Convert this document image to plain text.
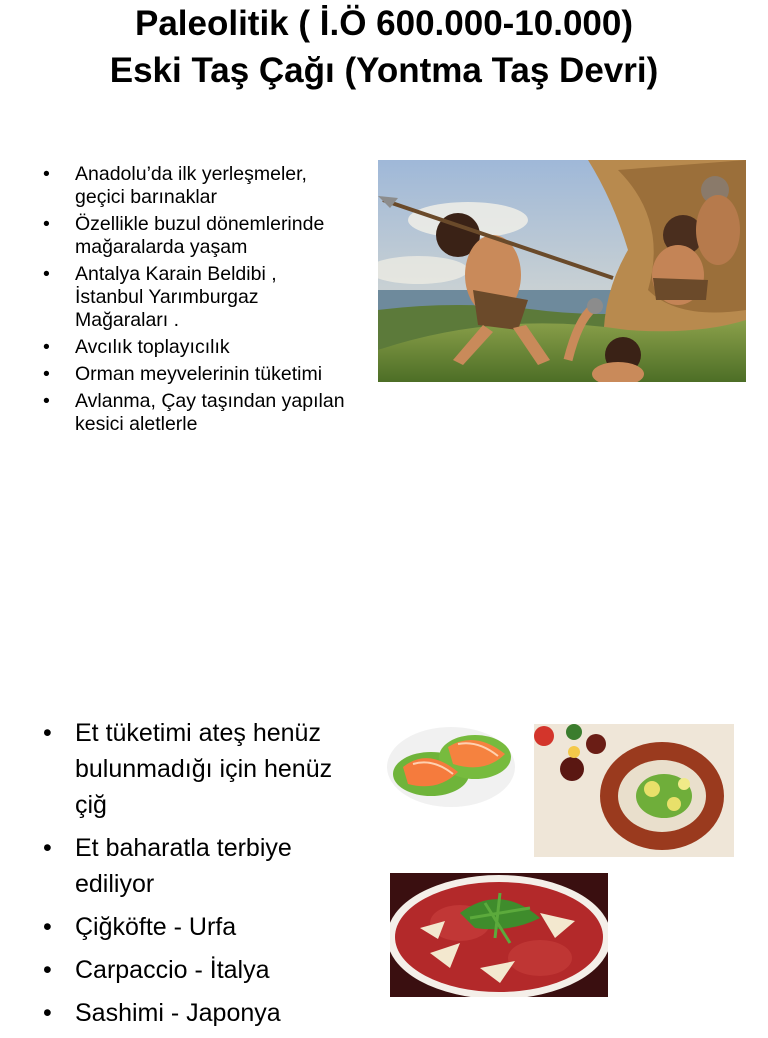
Paleolitik ( İ.Ö 600.000-10.000)
Eski Taş Çağı (Yontma Taş Devri)
• Anadolu’da ilk yerleşmeler,
geçici barınaklar
• Özellikle buzul dönemlerinde
mağaralarda yaşam
• Antalya Karain Beldibi ,
İstanbul Yarımburgaz
Mağaraları .
• Avcılık toplayıcılık
• Orman meyvelerinin tüketimi
• Avlanma, Çay taşından yapılan
kesici aletlerle
• Et tüketimi ateş henüz
bulunmadığı için henüz
çiğ
• Et baharatla terbiye
ediliyor
• Çiğköfte - Urfa
• Carpaccio - İtalya
• Sashimi - Japonya
